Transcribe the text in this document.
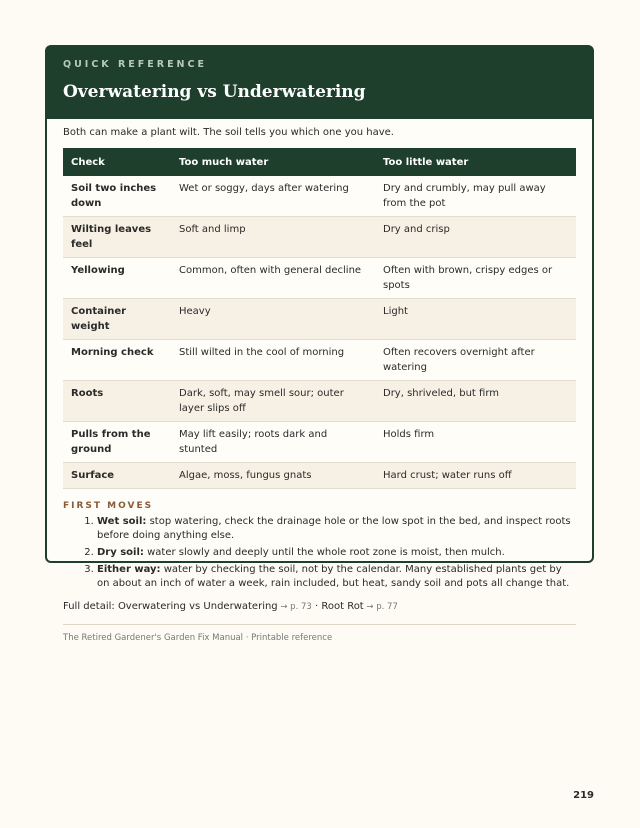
QUICK REFERENCE
Overwatering vs Underwatering

Both can make a plant wilt. The soil tells you which one you have.

Check	Too much water	Too little water
Soil two inches down	Wet or soggy, days after watering	Dry and crumbly, may pull away from the pot
Wilting leaves feel	Soft and limp	Dry and crisp
Yellowing	Common, often with general decline	Often with brown, crispy edges or spots
Container weight	Heavy	Light
Morning check	Still wilted in the cool of morning	Often recovers overnight after watering
Roots	Dark, soft, may smell sour; outer layer slips off	Dry, shriveled, but firm
Pulls from the ground	May lift easily; roots dark and stunted	Holds firm
Surface	Algae, moss, fungus gnats	Hard crust; water runs off
FIRST MOVES
1. Wet soil: stop watering, check the drainage hole or the low spot in the bed, and inspect roots before doing anything else.
2. Dry soil: water slowly and deeply until the whole root zone is moist, then mulch.
3. Either way: water by checking the soil, not by the calendar. Many established plants get by on about an inch of water a week, rain included, but heat, sandy soil and pots all change that.
Full detail: Overwatering vs Underwatering → p. 73 · Root Rot → p. 77
The Retired Gardener's Garden Fix Manual · Printable reference
219
